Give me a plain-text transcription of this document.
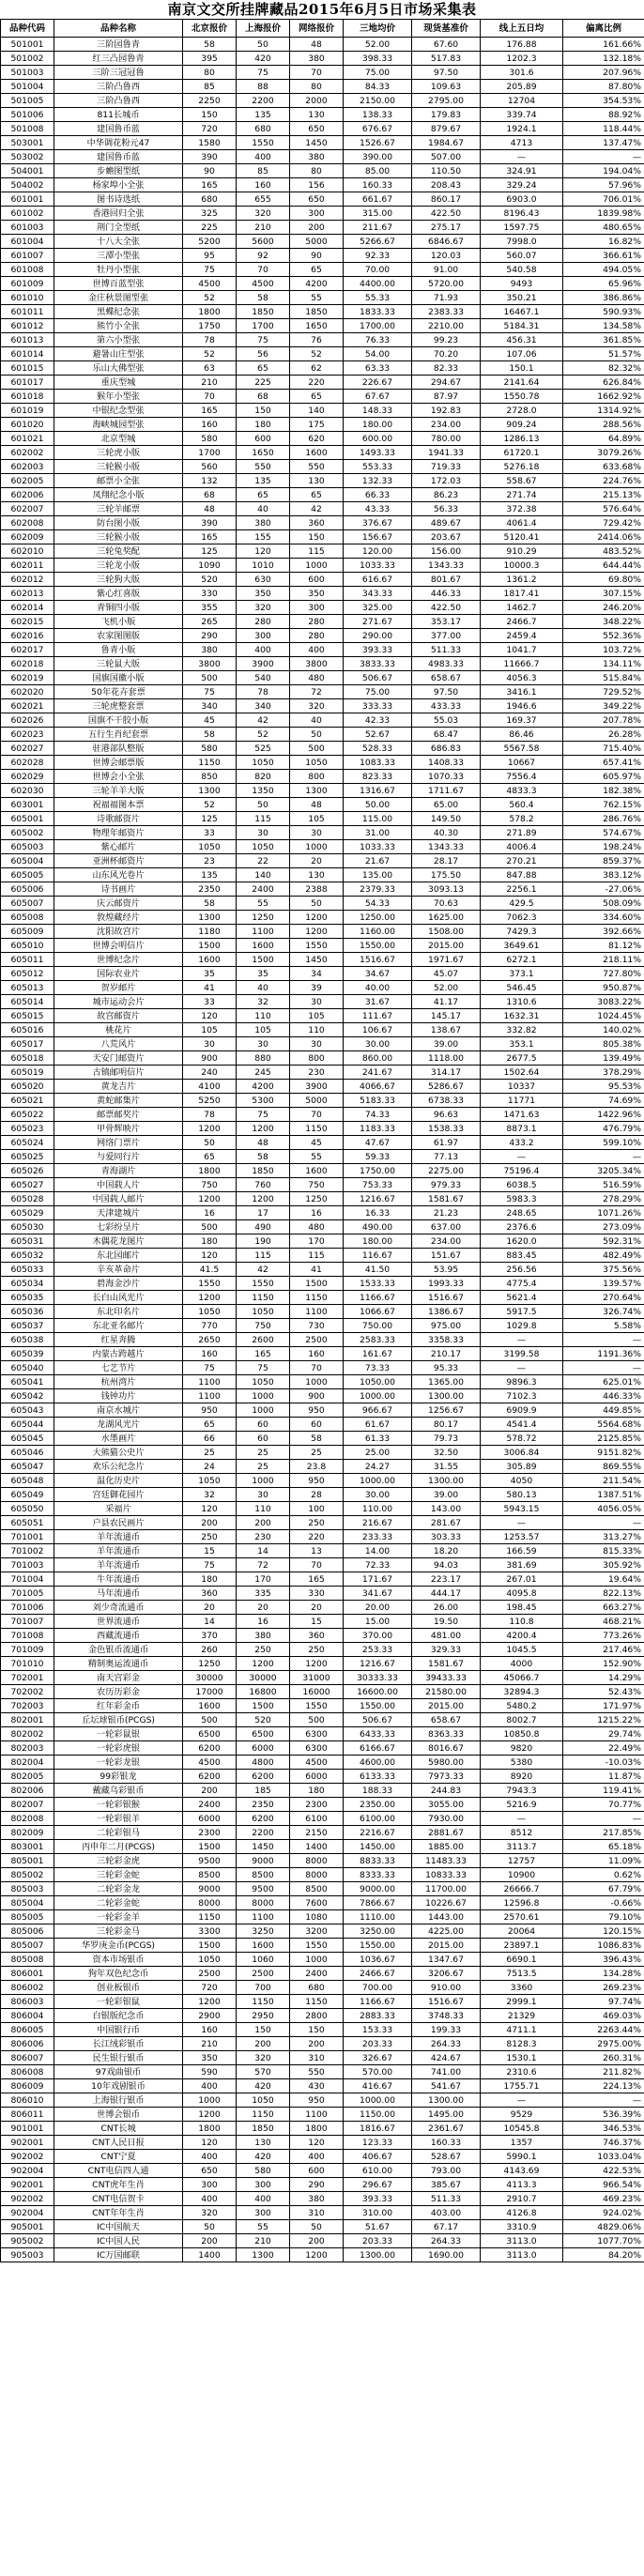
南京文交所挂牌藏品2015年6月5日市场采集表
品种代码	品种名称	北京报价	上海报价	网络报价	三地均价	现货基准价	线上五日均	偏离比例
501001	三阶园鲁青	58	50	48	52.00	67.60	176.88	161.66%
501002	红三凸园鲁青	395	420	380	398.33	517.83	1202.3	132.18%
501003	三阶三冠冠鲁	80	75	70	75.00	97.50	301.6	207.96%
501004	三阶凸鲁西	85	88	80	84.33	109.63	205.89	87.80%
501005	三阶凸鲁西	2250	2200	2000	2150.00	2795.00	12704	354.53%
501006	811长城币	150	135	130	138.33	179.83	339.74	88.92%
501008	建国鲁币蓝	720	680	650	676.67	879.67	1924.1	118.44%
503001	中华调花粉元47	1580	1550	1450	1526.67	1984.67	4713	137.47%
503002	建国鲁币蓝	390	400	380	390.00	507.00	—	—
504001	步蟾图型纸	90	85	80	85.00	110.50	324.91	194.04%
504002	杨家埠小全张	165	160	156	160.33	208.43	329.24	57.96%
601001	图书诗选纸	680	655	650	661.67	860.17	6903.0	706.01%
601002	香港回归全张	325	320	300	315.00	422.50	8196.43	1839.98%
601003	荆门全型纸	225	210	200	211.67	275.17	1597.75	480.65%
601004	十八大全张	5200	5600	5000	5266.67	6846.67	7998.0	16.82%
601007	三潭小型张	95	92	90	92.33	120.03	560.07	366.61%
601008	牡丹小型张	75	70	65	70.00	91.00	540.58	494.05%
601009	世博百蓝型张	4500	4500	4200	4400.00	5720.00	9493	65.96%
601010	金庄秋景图型张	52	58	55	55.33	71.93	350.21	386.86%
601011	黑蝶纪念张	1800	1850	1850	1833.33	2383.33	16467.1	590.93%
601012	熊竹小全张	1750	1700	1650	1700.00	2210.00	5184.31	134.58%
601013	第六小型张	78	75	76	76.33	99.23	456.31	361.85%
601014	避暑山庄型张	52	56	52	54.00	70.20	107.06	51.57%
601015	乐山大佛型张	63	65	62	63.33	82.33	150.1	82.32%
601017	重庆型城	210	225	220	226.67	294.67	2141.64	626.84%
601018	猴年小型张	70	68	65	67.67	87.97	1550.78	1662.92%
601019	中银纪念型张	165	150	140	148.33	192.83	2728.0	1314.92%
601020	海峡城园型张	160	180	175	180.00	234.00	909.24	288.56%
601021	北京型城	580	600	620	600.00	780.00	1286.13	64.89%
602002	三轮虎小版	1700	1650	1600	1493.33	1941.33	61720.1	3079.26%
602003	三轮猴小版	560	550	550	553.33	719.33	5276.18	633.68%
602005	邮票小全张	132	135	130	132.33	172.03	558.67	224.76%
602006	凤翔纪念小版	68	65	65	66.33	86.23	271.74	215.13%
602007	三轮羊邮票	48	40	42	43.33	56.33	372.38	576.64%
602008	防台图小版	390	380	360	376.67	489.67	4061.4	729.42%
602009	三轮猴小版	165	155	150	156.67	203.67	5120.41	2414.06%
602010	三轮兔奖配	125	120	115	120.00	156.00	910.29	483.52%
602011	三轮龙小版	1090	1010	1000	1033.33	1343.33	10000.3	644.44%
602012	三轮狗大版	520	630	600	616.67	801.67	1361.2	69.80%
602013	紫心红喜版	330	350	350	343.33	446.33	1817.41	307.15%
602014	青铜四小版	355	320	300	325.00	422.50	1462.7	246.20%
602015	飞机小版	265	280	280	271.67	353.17	2466.7	348.22%
602016	农家图图版	290	300	280	290.00	377.00	2459.4	552.36%
602017	鲁青小版	380	400	400	393.33	511.33	1041.7	103.72%
602018	三轮鼠大版	3800	3900	3800	3833.33	4983.33	11666.7	134.11%
602019	国旗国徽小版	500	540	480	506.67	658.67	4056.3	515.84%
602020	50年花卉套票	75	78	72	75.00	97.50	3416.1	729.52%
602021	三轮虎整套票	340	340	320	333.33	433.33	1946.6	349.22%
602026	国旗不干胶小版	45	42	40	42.33	55.03	169.37	207.78%
602023	五行生肖纪套票	58	52	50	52.67	68.47	86.46	26.28%
602027	驻港部队整版	580	525	500	528.33	686.83	5567.58	715.40%
602028	世博会邮票版	1150	1050	1050	1083.33	1408.33	10667	657.41%
602029	世博会小全张	850	820	800	823.33	1070.33	7556.4	605.97%
602030	三轮羊羊大版	1300	1350	1300	1316.67	1711.67	4833.3	182.38%
603001	祝福福图本票	52	50	48	50.00	65.00	560.4	762.15%
605001	诗歌邮资片	125	115	105	115.00	149.50	578.2	286.76%
605002	物理年邮资片	33	30	30	31.00	40.30	271.89	574.67%
605003	紫心邮片	1050	1050	1000	1033.33	1343.33	4006.4	198.24%
605004	亚洲杯邮资片	23	22	20	21.67	28.17	270.21	859.37%
605005	山东风光卷片	135	140	130	135.00	175.50	847.88	383.12%
605006	诗书画片	2350	2400	2388	2379.33	3093.13	2256.1	-27.06%
605007	庆云邮资片	58	55	50	54.33	70.63	429.5	508.09%
605008	敦煌藏经片	1300	1250	1200	1250.00	1625.00	7062.3	334.60%
605009	沈阳故宫片	1180	1100	1200	1160.00	1508.00	7429.3	392.66%
605010	世博会明信片	1500	1600	1550	1550.00	2015.00	3649.61	81.12%
605011	世博纪念片	1600	1500	1450	1516.67	1971.67	6272.1	218.11%
605012	国际农业片	35	35	34	34.67	45.07	373.1	727.80%
605013	贺岁邮片	41	40	39	40.00	52.00	546.45	950.87%
605014	城市运动会片	33	32	30	31.67	41.17	1310.6	3083.22%
605015	故宫邮资片	120	110	105	111.67	145.17	1632.31	1024.45%
605016	桃花片	105	105	110	106.67	138.67	332.82	140.02%
605017	八荒风片	30	30	30	30.00	39.00	353.1	805.38%
605018	天安门邮资片	900	880	800	860.00	1118.00	2677.5	139.49%
605019	古镇邮明信片	240	245	230	241.67	314.17	1502.64	378.29%
605020	黄龙吉片	4100	4200	3900	4066.67	5286.67	10337	95.53%
605021	黄蛇邮集片	5250	5300	5000	5183.33	6738.33	11771	74.69%
605022	邮票邮奖片	78	75	70	74.33	96.63	1471.63	1422.96%
605023	甲骨辉映片	1200	1200	1150	1183.33	1538.33	8873.1	476.79%
605024	网络门票片	50	48	45	47.67	61.97	433.2	599.10%
605025	与爱同行片	65	58	55	59.33	77.13	—	—
605026	青海湖片	1800	1850	1600	1750.00	2275.00	75196.4	3205.34%
605027	中国载人片	750	760	750	753.33	979.33	6038.5	516.59%
605028	中国载人邮片	1200	1200	1250	1216.67	1581.67	5983.3	278.29%
605029	天津建城片	16	17	16	16.33	21.23	248.65	1071.26%
605030	七彩纷呈片	500	490	480	490.00	637.00	2376.6	273.09%
605031	木偶花龙图片	180	190	170	180.00	234.00	1620.0	592.31%
605032	东北园邮片	120	115	115	116.67	151.67	883.45	482.49%
605033	辛亥革命片	41.5	42	41	41.50	53.95	256.56	375.56%
605034	碧海金沙片	1550	1550	1500	1533.33	1993.33	4775.4	139.57%
605035	长白山风光片	1200	1150	1150	1166.67	1516.67	5621.4	270.64%
605036	东北印名片	1050	1050	1100	1066.67	1386.67	5917.5	326.74%
605037	东北亚名邮片	770	750	730	750.00	975.00	1029.8	5.58%
605038	红星奔腾	2650	2600	2500	2583.33	3358.33	—	—
605039	内蒙古跨越片	160	165	160	161.67	210.17	3199.58	1191.36%
605040	七艺节片	75	75	70	73.33	95.33	—	—
605041	杭州湾片	1100	1050	1000	1050.00	1365.00	9896.3	625.01%
605042	钱钟功片	1100	1000	900	1000.00	1300.00	7102.3	446.33%
605043	南京水城片	950	1000	950	966.67	1256.67	6909.9	449.85%
605044	龙湖风光片	65	60	60	61.67	80.17	4541.4	5564.68%
605045	水墨画片	66	60	58	61.33	79.73	578.72	2125.85%
605046	大熊猫公史片	25	25	25	25.00	32.50	3006.84	9151.82%
605047	欢乐公纪念片	24	25	23.8	24.27	31.55	305.89	869.55%
605048	温化历史片	1050	1000	950	1000.00	1300.00	4050	211.54%
605049	宫廷御花园片	32	30	28	30.00	39.00	580.13	1387.51%
605050	采福片	120	110	100	110.00	143.00	5943.15	4056.05%
605051	户县农民画片	200	200	250	216.67	281.67	—	—
701001	羊年流通币	250	230	220	233.33	303.33	1253.57	313.27%
701002	羊年流通币	15	14	13	14.00	18.20	166.59	815.33%
701003	羊年流通币	75	72	70	72.33	94.03	381.69	305.92%
701004	牛年流通币	180	170	165	171.67	223.17	267.01	19.64%
701005	马年流通币	360	335	330	341.67	444.17	4095.8	822.13%
701006	刘少奇流通币	20	20	20	20.00	26.00	198.45	663.27%
701007	世界流通币	14	16	15	15.00	19.50	110.8	468.21%
701008	西藏流通币	370	380	360	370.00	481.00	4200.4	773.26%
701009	金色银币流通币	260	250	250	253.33	329.33	1045.5	217.46%
701010	精制奥运流通币	1250	1200	1200	1216.67	1581.67	4000	152.90%
702001	南天宫彩金	30000	30000	31000	30333.33	39433.33	45066.7	14.29%
702002	农历历彩金	17000	16800	16000	16600.00	21580.00	32894.3	52.43%
702003	红年彩金币	1600	1500	1550	1550.00	2015.00	5480.2	171.97%
802001	丘坛球银币(PCGS)	500	520	500	506.67	658.67	8002.7	1215.22%
802002	一轮彩鼠银	6500	6500	6300	6433.33	8363.33	10850.8	29.74%
802003	一轮彩虎银	6200	6000	6300	6166.67	8016.67	9820	22.49%
802004	一轮彩龙银	4500	4800	4500	4600.00	5980.00	5380	-10.03%
802005	99彩银龙	6200	6200	6000	6133.33	7973.33	8920	11.87%
802006	戴藏乌彩银币	200	185	180	188.33	244.83	7943.3	119.41%
802007	一轮彩银猴	2400	2350	2300	2350.00	3055.00	5216.9	70.77%
802008	一轮彩银羊	6000	6200	6100	6100.00	7930.00	—	—
802009	二轮彩银马	2300	2200	2150	2216.67	2881.67	8512	217.85%
803001	丙申年二月(PCGS)	1500	1450	1400	1450.00	1885.00	3113.7	65.18%
805001	三轮彩金虎	9500	9000	8000	8833.33	11483.33	12757	11.09%
805002	三轮彩金蛇	8500	8500	8000	8333.33	10833.33	10900	0.62%
805003	二轮彩金龙	9000	9500	8500	9000.00	11700.00	26666.7	67.79%
805004	二轮彩金蛇	8000	8000	7600	7866.67	10226.67	12596.8	-0.66%
805005	一轮彩金羊	1150	1100	1080	1110.00	1443.00	2570.61	79.10%
805006	三轮彩金马	3300	3250	3200	3250.00	4225.00	20064	120.15%
805007	华罗庚金币(PCGS)	1500	1600	1550	1550.00	2015.00	23897.1	1086.83%
805008	资本市场银币	1050	1060	1000	1036.67	1347.67	6690.1	396.43%
806001	狗年双色纪念币	2500	2500	2400	2466.67	3206.67	7513.5	134.28%
806002	创业板银币	720	700	680	700.00	910.00	3360	269.23%
806003	一轮彩银鼠	1200	1150	1150	1166.67	1516.67	2999.1	97.74%
806004	白银版纪念币	2900	2950	2800	2883.33	3748.33	21329	469.03%
806005	中国银行币	160	150	150	153.33	199.33	4711.1	2263.44%
806006	长江绒彩银币	210	200	200	203.33	264.33	8128.3	2975.00%
806007	民生银行银币	350	320	310	326.67	424.67	1530.1	260.31%
806008	97戏曲银币	590	570	550	570.00	741.00	2310.6	211.82%
806009	10年戏剧银币	400	420	430	416.67	541.67	1755.71	224.13%
806010	上海银行银币	1000	1050	950	1000.00	1300.00	—	—
806011	世博会银币	1200	1150	1100	1150.00	1495.00	9529	536.39%
901001	CNT长城	1800	1850	1800	1816.67	2361.67	10545.8	346.53%
902001	CNT人民日报	120	130	120	123.33	160.33	1357	746.37%
902002	CNT宁夏	400	420	400	406.67	528.67	5990.1	1033.04%
902004	CNT电信四人通	650	580	600	610.00	793.00	4143.69	422.53%
902001	CNT虎年生肖	300	300	290	296.67	385.67	4113.3	966.54%
902002	CNT电信贺卡	400	400	380	393.33	511.33	2910.7	469.23%
902004	CNT年年生肖	320	300	310	310.00	403.00	4126.8	924.02%
905001	IC中国航天	50	55	50	51.67	67.17	3310.9	4829.06%
905002	IC中国人民	200	210	200	203.33	264.33	3113.0	1077.70%
905003	IC万国邮联	1400	1300	1200	1300.00	1690.00	3113.0	84.20%
